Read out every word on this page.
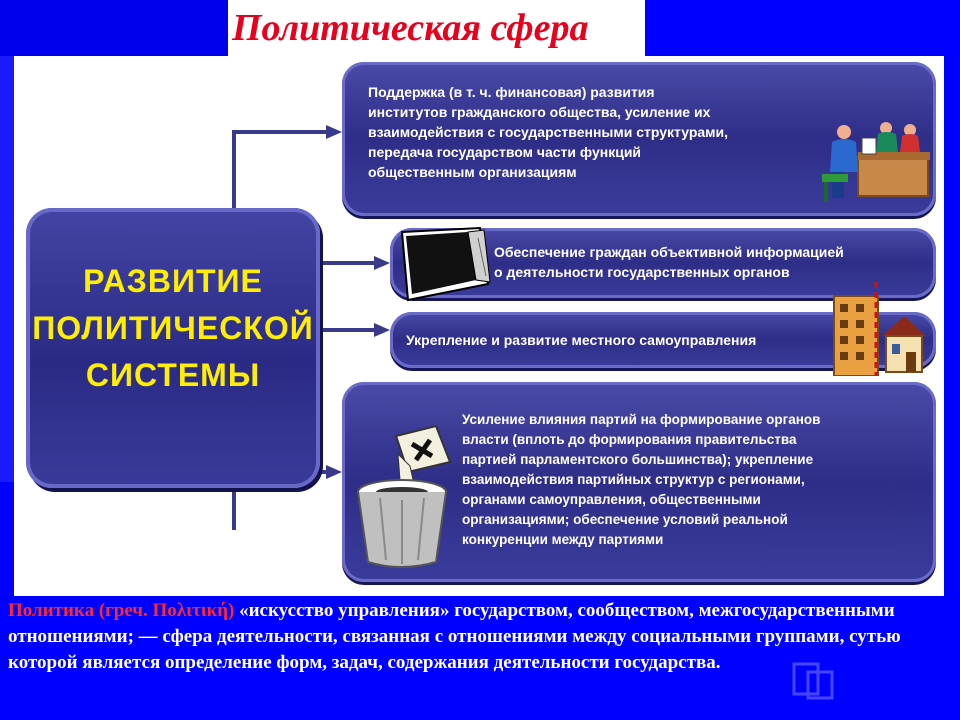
Политическая сфера
РАЗВИТИЕ
ПОЛИТИЧЕСКОЙ
СИСТЕМЫ
Поддержка (в т. ч. финансовая) развития
институтов гражданского общества, усиление их
взаимодействия с государственными структурами,
передача государством части функций
общественным организациям
Обеспечение граждан объективной информацией
о деятельности государственных органов
Укрепление и развитие местного самоуправления
Усиление влияния партий на формирование органов
власти (вплоть до формирования правительства
партией парламентского большинства); укрепление
взаимодействия партийных структур с регионами,
органами самоуправления, общественными
организациями; обеспечение условий реальной
конкуренции между партиями
Политика (греч. Πολιτική) «искусство управления» государством, сообществом, межгосударственными отношениями; — сфера деятельности, связанная с отношениями между социальными группами, сутью которой является определение форм, задач, содержания деятельности государства.
